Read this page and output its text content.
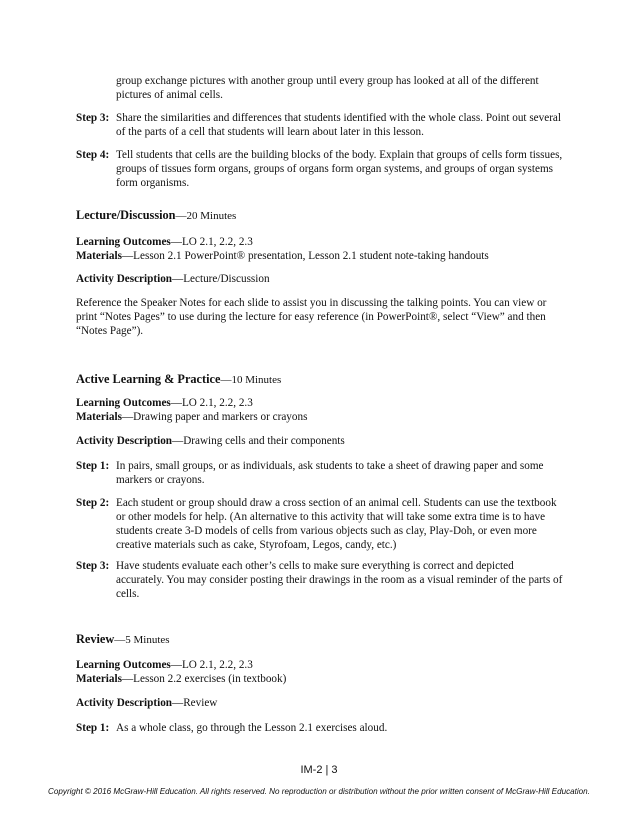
group exchange pictures with another group until every group has looked at all of the different pictures of animal cells.
Step 3: Share the similarities and differences that students identified with the whole class. Point out several of the parts of a cell that students will learn about later in this lesson.
Step 4: Tell students that cells are the building blocks of the body. Explain that groups of cells form tissues, groups of tissues form organs, groups of organs form organ systems, and groups of organ systems form organisms.
Lecture/Discussion—20 Minutes
Learning Outcomes—LO 2.1, 2.2, 2.3
Materials—Lesson 2.1 PowerPoint® presentation, Lesson 2.1 student note-taking handouts
Activity Description—Lecture/Discussion
Reference the Speaker Notes for each slide to assist you in discussing the talking points. You can view or print “Notes Pages” to use during the lecture for easy reference (in PowerPoint®, select “View” and then “Notes Page”).
Active Learning & Practice—10 Minutes
Learning Outcomes—LO 2.1, 2.2, 2.3
Materials—Drawing paper and markers or crayons
Activity Description—Drawing cells and their components
Step 1: In pairs, small groups, or as individuals, ask students to take a sheet of drawing paper and some markers or crayons.
Step 2: Each student or group should draw a cross section of an animal cell. Students can use the textbook or other models for help. (An alternative to this activity that will take some extra time is to have students create 3-D models of cells from various objects such as clay, Play-Doh, or even more creative materials such as cake, Styrofoam, Legos, candy, etc.)
Step 3: Have students evaluate each other’s cells to make sure everything is correct and depicted accurately. You may consider posting their drawings in the room as a visual reminder of the parts of cells.
Review—5 Minutes
Learning Outcomes—LO 2.1, 2.2, 2.3
Materials—Lesson 2.2 exercises (in textbook)
Activity Description—Review
Step 1: As a whole class, go through the Lesson 2.1 exercises aloud.
IM-2 | 3
Copyright © 2016 McGraw-Hill Education. All rights reserved. No reproduction or distribution without the prior written consent of McGraw-Hill Education.
